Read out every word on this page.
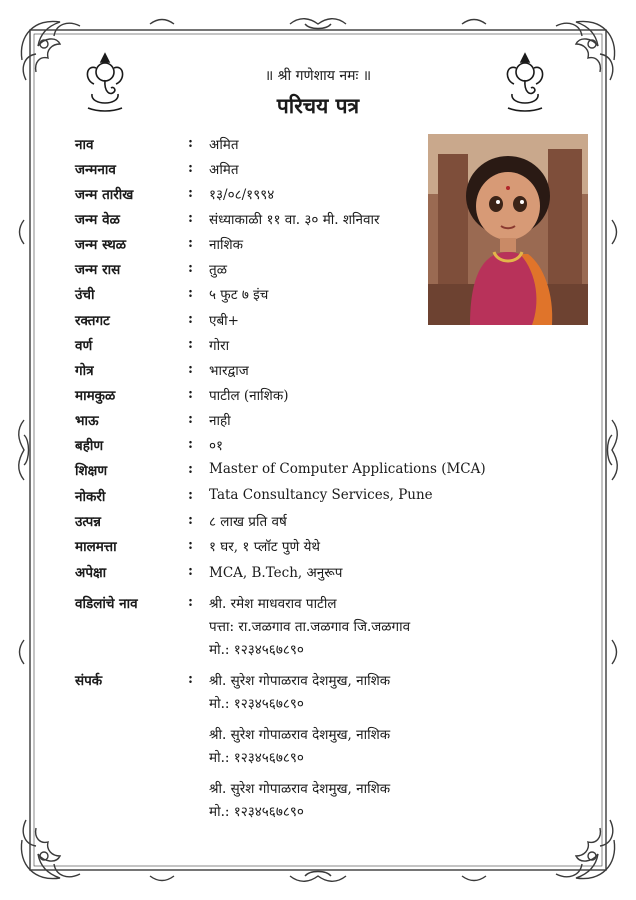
॥ श्री गणेशाय नमः ॥
परिचय पत्र
नाव	: अमित
जन्मनाव	: अमित
जन्म तारीख	: १३/०८/१९९४
जन्म वेळ	: संध्याकाळी ११ वा. ३० मी. शनिवार
जन्म स्थळ	: नाशिक
जन्म रास	: तुळ
उंची	: ५ फुट ७ इंच
रक्तगट	: एबी+
वर्ण	: गोरा
गोत्र	: भारद्वाज
मामकुळ	: पाटील (नाशिक)
भाऊ	: नाही
बहीण	: ०१
शिक्षण	: Master of Computer Applications (MCA)
नोकरी	: Tata Consultancy Services, Pune
उत्पन्न	: ८ लाख प्रति वर्ष
मालमत्ता	: १ घर, १ प्लॉट पुणे येथे
अपेक्षा	: MCA, B.Tech, अनुरूप
वडिलांचे नाव	: श्री. रमेश माधवराव पाटील
पत्ता: रा.जळगाव ता.जळगाव जि.जळगाव
मो.: १२३४५६७८९०
संपर्क	: श्री. सुरेश गोपाळराव देशमुख, नाशिक
मो.: १२३४५६७८९०
श्री. सुरेश गोपाळराव देशमुख, नाशिक
मो.: १२३४५६७८९०
श्री. सुरेश गोपाळराव देशमुख, नाशिक
मो.: १२३४५६७८९०
